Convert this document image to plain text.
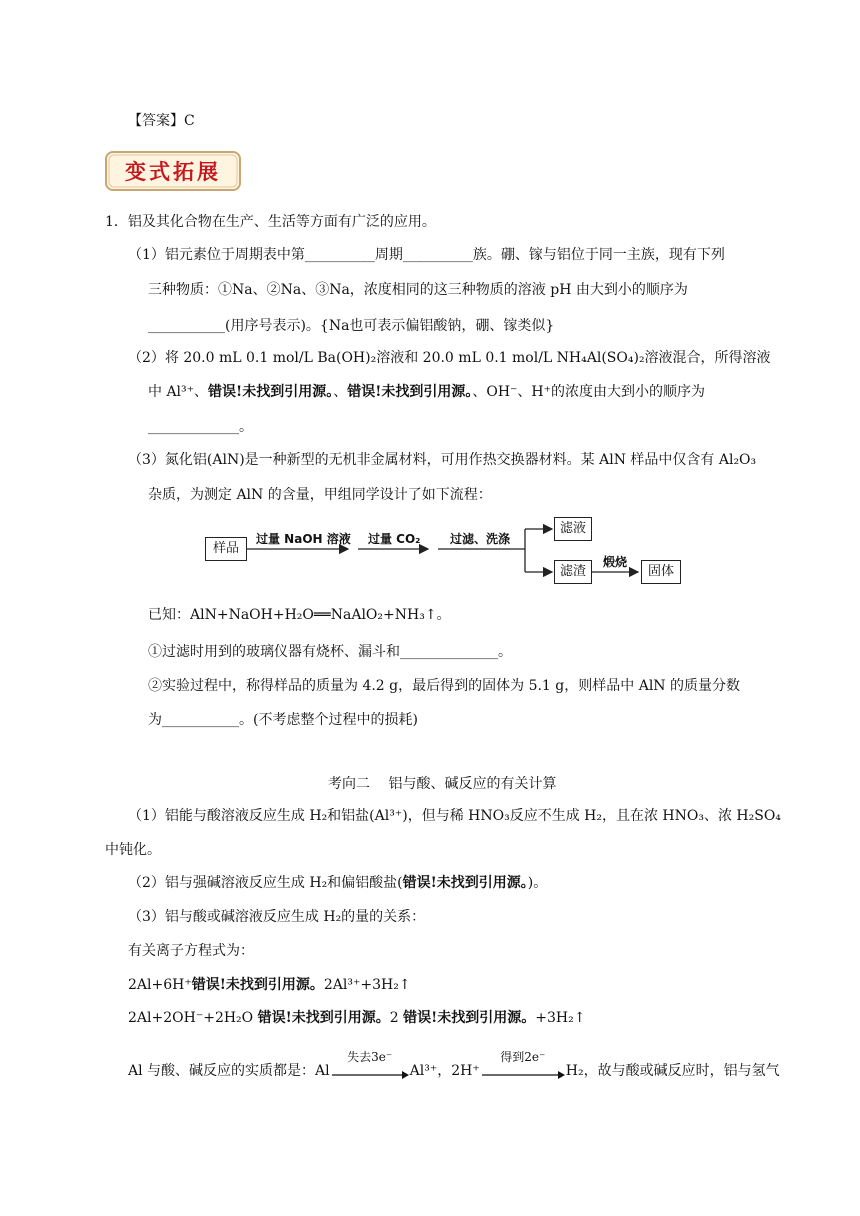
【答案】C
变式拓展
1．铝及其化合物在生产、生活等方面有广泛的应用。
（1）铝元素位于周期表中第__________周期__________族。硼、镓与铝位于同一主族，现有下列
三种物质：①Na、②Na、③Na，浓度相同的这三种物质的溶液 pH 由大到小的顺序为
___________(用序号表示)。{Na也可表示偏铝酸钠，硼、镓类似}
（2）将 20.0 mL 0.1 mol/L Ba(OH)₂溶液和 20.0 mL 0.1 mol/L NH₄Al(SO₄)₂溶液混合，所得溶液
中 Al³⁺、错误!未找到引用源。、错误!未找到引用源。、OH⁻、H⁺的浓度由大到小的顺序为
_____________。
（3）氮化铝(AlN)是一种新型的无机非金属材料，可用作热交换器材料。某 AlN 样品中仅含有 Al₂O₃
杂质，为测定 AlN 的含量，甲组同学设计了如下流程：
样品
过量 NaOH 溶液 过量 CO₂ 过滤、洗涤
滤液
滤渣
煅烧
固体
已知：AlN+NaOH+H₂O══NaAlO₂+NH₃↑。
①过滤时用到的玻璃仪器有烧杯、漏斗和______________。
②实验过程中，称得样品的质量为 4.2 g，最后得到的固体为 5.1 g，则样品中 AlN 的质量分数
为___________。(不考虑整个过程中的损耗)
考向二　 铝与酸、碱反应的有关计算
（1）铝能与酸溶液反应生成 H₂和铝盐(Al³⁺)，但与稀 HNO₃反应不生成 H₂，且在浓 HNO₃、浓 H₂SO₄
中钝化。
（2）铝与强碱溶液反应生成 H₂和偏铝酸盐(错误!未找到引用源。)。
（3）铝与酸或碱溶液反应生成 H₂的量的关系：
有关离子方程式为：
2Al+6H⁺错误!未找到引用源。2Al³⁺+3H₂↑
2Al+2OH⁻+2H₂O 错误!未找到引用源。2 错误!未找到引用源。+3H₂↑
Al 与酸、碱反应的实质都是：Al
失去3e⁻
Al³⁺，2H⁺
得到2e⁻
H₂，故与酸或碱反应时，铝与氢气
